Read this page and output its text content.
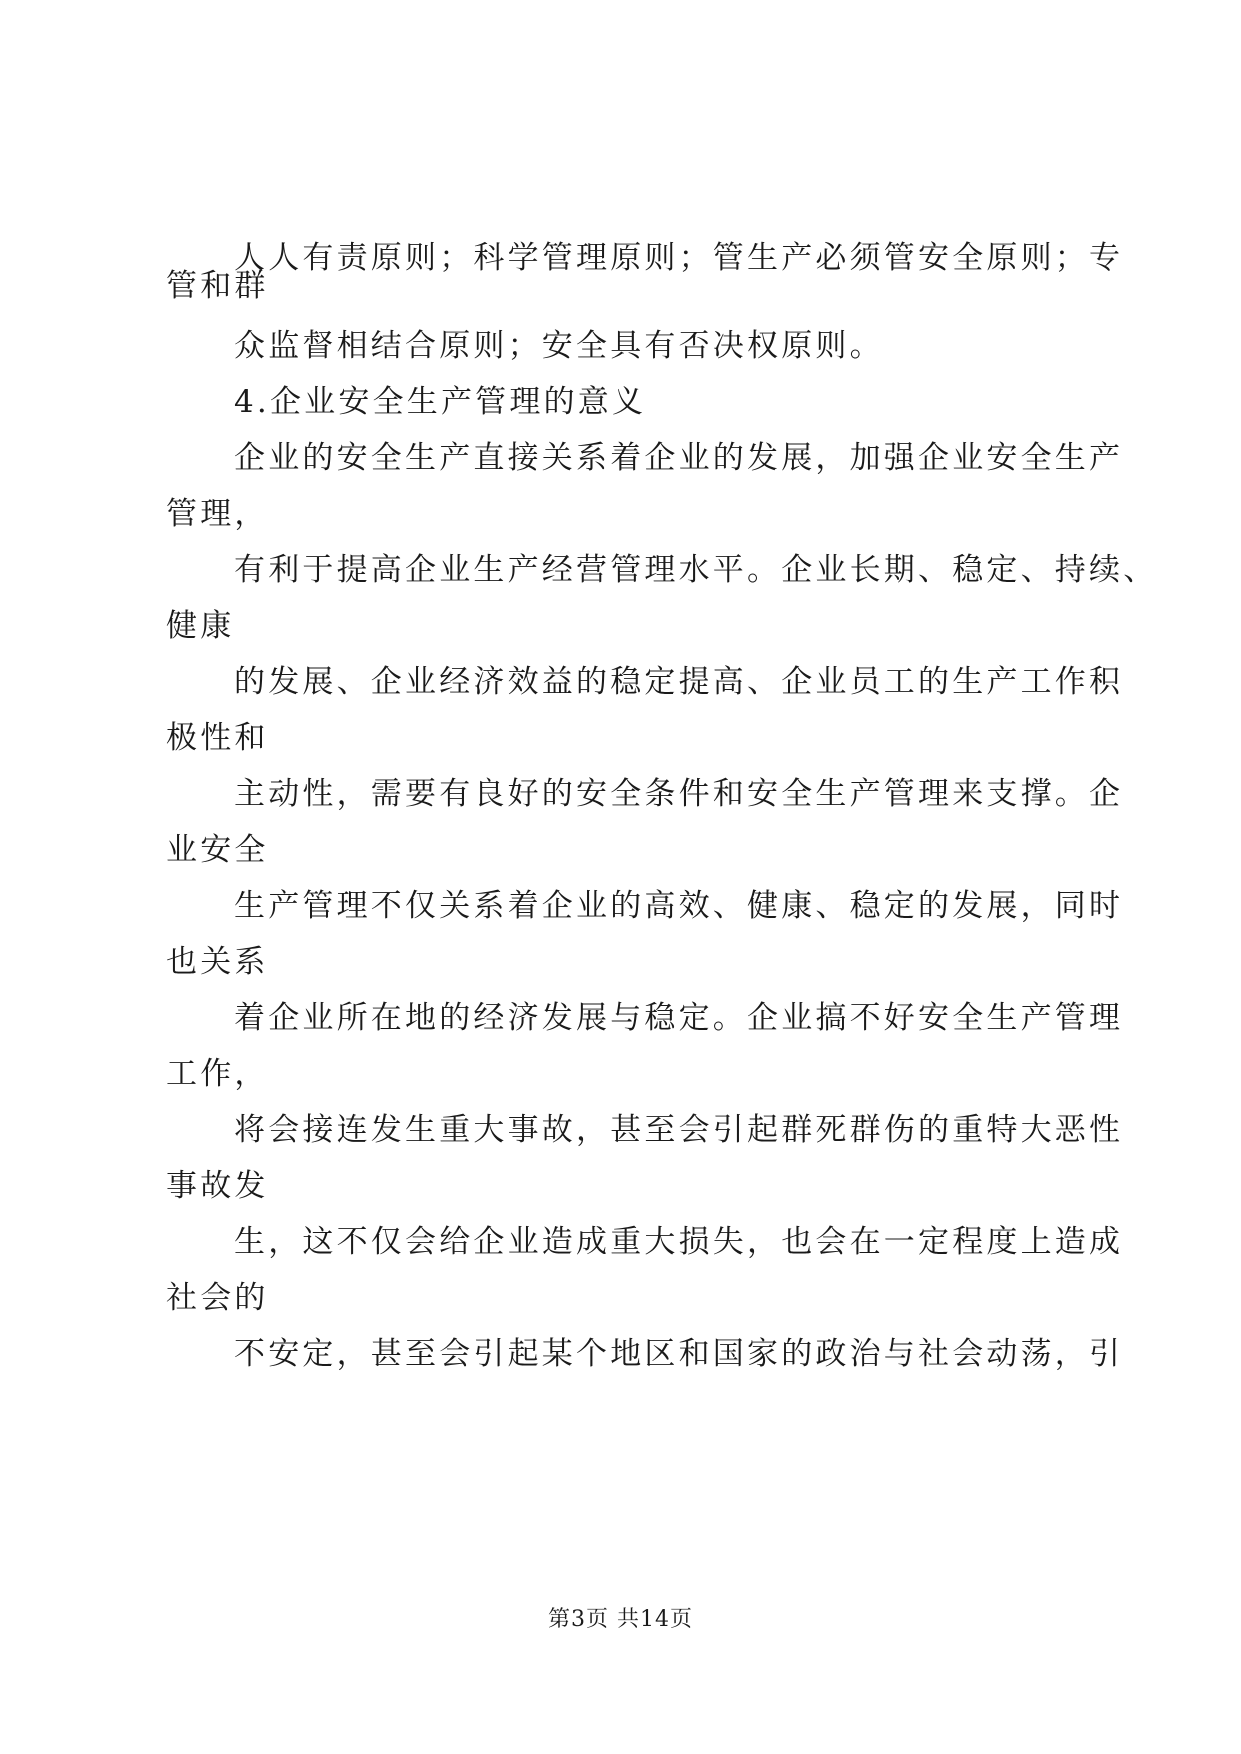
人人有责原则；科学管理原则；管生产必须管安全原则；专
管和群
众监督相结合原则；安全具有否决权原则。
4.企业安全生产管理的意义
企业的安全生产直接关系着企业的发展，加强企业安全生产
管理，
有利于提高企业生产经营管理水平。企业长期、稳定、持续、
健康
的发展、企业经济效益的稳定提高、企业员工的生产工作积
极性和
主动性，需要有良好的安全条件和安全生产管理来支撑。企
业安全
生产管理不仅关系着企业的高效、健康、稳定的发展，同时
也关系
着企业所在地的经济发展与稳定。企业搞不好安全生产管理
工作，
将会接连发生重大事故，甚至会引起群死群伤的重特大恶性
事故发
生，这不仅会给企业造成重大损失，也会在一定程度上造成
社会的
不安定，甚至会引起某个地区和国家的政治与社会动荡，引
第3页 共14页
